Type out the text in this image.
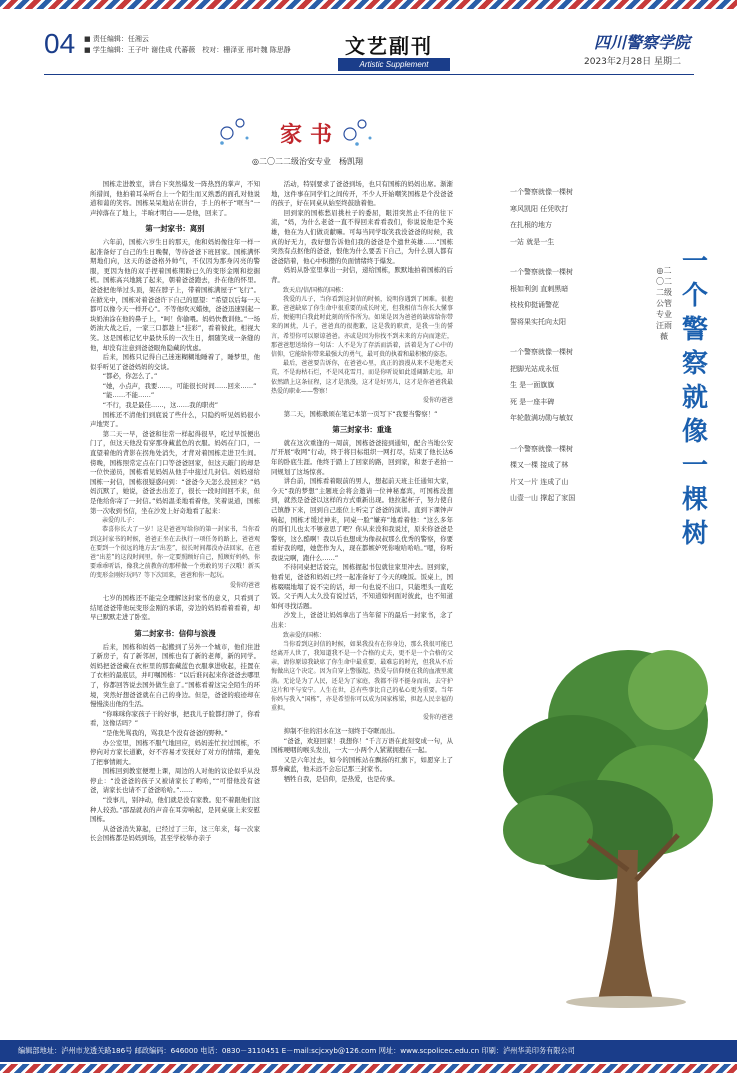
04 ■ 责任编辑：任湘云
■ 学生编辑：王子叶 谢佳成 代蕃薇　校对：栅泽亚 邢叶魏 陈思静	文艺副刊
Artistic Supplement
四川警察学院
2023年2月28日 星期二
家书
◎二〇二二级治安专业　杨凯翔

国栋走进教室，讲台下突然爆发一阵热烈的掌声，不知所措间，他拍着耳朵听台上一个陌生而又熟悉的面孔对他说道和蔼的笑容。国栋呆呆地站在讲台，手上的杯子“哐当”一声掉落在了地上，半晌才明白——是他，回来了。

第一封家书：离别

六年前，国栋六岁生日的那天，他和妈妈像往年一样一起准备好了白己的生日晚餐，等待爸爸下班回家。国栋满怀期地们向，这天的爸爸格外帅气，不仅因为那身闪亮的警服，更因为他的双手捏着国栋期盼已久的变形金刚和挖掘机。国栋高兴地跳了起来，朝着爸爸跑去，扑在他的怀里。爸爸把他举过头顶，架在脖子上，带着国栋满屋子“飞行”。在掀光中，国栋对着爸爸许下自己的愿望：“希望以后每一天都可以像今天一样开心”。不等他吹灭蜡烛，爸爸迅速别起一块奶油涂在他的鼻子上，“呵！你偷喂。妈妈快教训他。”一场奶油大战之后，一家三口都趁上“挂彩”，看着彼此，相视大笑。这是国栋记忆中最快乐的一次生日，烟随笑成一条缝的他，却没有注意到爸爸眼角隐藏的忧虑。

后来，国栋只记得自己迷迷糊糊地睡着了，睡梦里，他似乎听见了爸爸妈妈的交谈。

“都必，你怎么了。”

“她，小点声，我要……，可能很长时间……回来……”

“能……不能……”

“不行，我是最佳……，这……我的职责”

国栋还不清他们到底说了些什么，只隐约听见妈妈很小声地哭了。

第二天一早，爸爸和往常一样起得很早，吃过早饭便出门了，但这天他没有穿那身藏蓝色的衣服。妈妈在门口，一直望着他的背影在拐角处消失，才背对着国栋走进卫生间。傍晚，国栋照常定点在门口等爸爸回家，但这天敲门的却是一位快递员，国栋看见妈妈从他手中接过几封信。妈妈递给国栋一封信，国栋很疑惑问到：“爸爸今天怎么没回来？”妈妈沉默了，她说，爸爸去出差了，很长一段时间回不来，但是他给你寄了一封信。”妈妈温柔地看着他，笑着说道，国栋第一次收到书信，坐在沙发上好奇地看了起来：

亲爱的儿子：

恭喜你长大了一岁！这是爸爸写给你的第一封家书，当你看到这封家书的时候，爸爸正坐在去执行一项任务的路上，爸爸观在要到一个很远的地方去“出差”，很长时间都没办法回家，在爸爸“出差”的这段时间里，你一定要照顾好自己，照顾好妈妈，你要乖乖听话，像我之前教你的那样做一个勇敢的男子汉哦！新买的变形金刚好玩吗？等下次回来，爸爸和你一起玩。

爱你的爸爸

七岁的国栋还不能完全理解这封家书的意义，只看到了结尾爸爸带他玩变形金刚的承诺，旁边的妈妈看着看着，却早已默默走进了卧室。

第二封家书：信仰与浪漫

后来，国栋和妈妈一起搬到了另外一个城市，他们住进了新房子，有了新邻居，国栋也有了新的老师，新的同学。妈妈把爸爸藏在衣柜里的那套藏蓝色衣服拿进收起，挂置在了衣柜的最底层，并叮嘱国栋：“以后谁问起来你爸爸去哪里了，你都回答说去国外做生意了。”国栋看着这完全陌生的环境，突然好想爸爸就在自己的身边。但是，爸爸的痕迹却在慢慢淡出他的生活。

“你咪咪你家孩子干的好事，把我儿子脸都打肿了，你看看，这像话吗？”

“是他先骂我的，骂我是个没有爸爸的野种。”

办公室里，国栋不服气地回应，妈妈连忙拉过国栋，不停向对方家长道歉，好不容易才安抚好了对方的情绪，避免了把事情闹大。

国栋回到教室便埋上课，周边的人对他的议论似乎从没停止：“没爸爸的孩子又被请家长了哟哈，”“可惜他没有爸爸，请家长也请不了爸爸哈哈。”……

“没事儿，别冲动，他们就是没有家教。犯不着跟他们这种人较劲。”邵磊就表的声音在耳旁响起，是同桌康上来安慰国栋。

从爸爸消失算起，已经过了三年，这三年来，每一次家长会国栋都是妈妈到场，甚至学校举办亲子

活动，特别要求了爸爸到场，也只有国栋的妈妈出席。渐渐地，这件事在同学们之间传开，不少人开始嘲笑国栋是个没爸爸的孩子，好在同桌从始至终鼓励着他。

回到家的国栋愁眉挑杜子的委屈，眼泪突然止不住的往下流，“妈，为什么老爸一直不得回来看看我们，你说说他是个英雄，他在为人们做贡献嘛。可每当同学取笑我没爸爸的时候，我真的好无力，我好想告诉他们我的爸爸是个遗世英雄……”国栋突然有点抠他的爸爸，恨他为什么要丢下自己，为什么别人都有爸爸陪着，他心中积攒的负面情绪终于爆发。

妈妈从卧室里拿出一封信，递给国栋，默默地拍着国栋的后背。

致天启/信/国栋的国栋：

我爱的儿子，当你看到这封信的时候，说明你遇到了困难。很抱歉，爸爸缺席了你生命中很重要的成长时光，但我相信当你长大懂事后，便能明白我此时此刻的所作所为。如果是因为爸爸的缺席给你带来的困扰，儿子，爸爸真的很抱歉，这是我的职责，是我一生的誓言，希望你可以原谅爸爸。亦或是因为你找不到未来的方向而迷茫，那爸爸想送给你一句话：人不是为了存活而活着，活着是为了心中的信仰，它能给你带来最强大的勇气，最可贵的执着和最积极的姿态。

最后，爸爸要告诉你，在爸爸心里，真正的浪漫从来不是地老天荒，不是海枯石烂，不是风花雪月，而是你听说如此遥阔路走远，却依然踏上这条征程，这才是浪漫，这才是好男儿，这才是你爸爸我最热爱的职业——警察！

爱你的爸爸

第二天，国栋歌颂在笔记本第一页写下“我要当警察！”

第三封家书：重逢

就在这次重逢的一周前，国栋爸爸接到通知，配合当地公安厅开展“收网”行动，终于将目标组织一网打尽，结束了他长达6年的卧底生涯。他终于踏上了回家的路，回到家，和妻子老拍一同规划了这场惊喜。

讲台前，国栋看着眼前的男人，想起前天班主任通知大家，今天“我的梦想”主题班会将会邀请一位神秘嘉宾，可国栋没想到，就然是爸爸以这样的方式重新出现。他拉起杯子，努力使自己镇静下来，回到自己座位上听完了爸爸的演讲。直到下课钟声响起，国栋才缓过神来，同桌一脸“嫌弃”地看着他：“这么多年的哥们儿也太不够意思了吧？你从来没和我说过，原来你爸爸是警察，这么酷啊！我以后也想成为像叔叔那么优秀的警察，你要看好我的嗯，她您作为人，现在都嫉妒死你啦哈哈哈。”嗯，你听我说完啊，跑什么……”

不待同桌把话说完，国栋握起书包就往家里冲去。回到家，他看见，爸爸和妈妈已经一起准备好了今天的晚饭。饭桌上，国栋啜啜地塌了说不完的话，却一句也说不出口，只能埋头一直吃饭。父子两人太久没有说过话，不知道如何面对彼此，也不知道如何寻找话题。

沙发上，爸爸让妈妈拿出了当年留下的最后一封家书，念了出来：

致亲爱的国栋：

当你看到这封信的时候，如果我没有在你身边，那么我很可能已经离开人世了，我知道我不是一个合格的丈夫，更不是一个合格的父亲，请你原谅我缺席了你生命中最重要、最难忘的时光，但我从不后悔做出这个决定。因为自穿上警服起，热爱与信仰便在我的血液里流淌。无论是为了人民，还是为了家庭，我都不得不挺身而出，去守护这片和平与安宁。人生在世，总有些事比自己的私心更为重要。当年你妈与我入“国栋”，亦是希望你可以成为国家栋梁，担起人民幸福的重担。

爱你的爸爸

抑制不住的泪水在这一刻终于夺眶而出。

“爸爸，欢迎回家！我想你！”千言万语在此刻变成一句，从国栋哽咽的喉头发出，一大一小两个人紧紧拥抱在一起。

又是六年过去，如今的国栋站在飘扬的红旗下，如愿穿上了那身藏蓝，他未远不会忘记那三封家书。

牺牲自我，是信仰，是热爱，也是传承。

一个警察就像一棵树
寒风凯阳 任凭吹打
在扎根的地方
一站 就是一生
一个警察就像一棵树
根如利剑 直刺黑暗
枝枝仰挺诵警花
誓将果实托向太阳
一个警察就像一棵树
把脚光站成永恒
生 是一面旗旗
死 是一座丰碑
年轮散满功勋与敏奴
一个警察就像一棵树
棵又一棵 接成了林
片又一片 连成了山
山壹一山 撑起了家国
一个警察就像一棵树
◎二〇二二级公管专业　汪雨薇
编辑部地址：泸州市龙透关路186号 邮政编码：646000 电话：0830－3110451 E－mail:scjcxyb@126.com 网址：www.scpolicec.edu.cn 印刷：泸州华美印务有限公司
